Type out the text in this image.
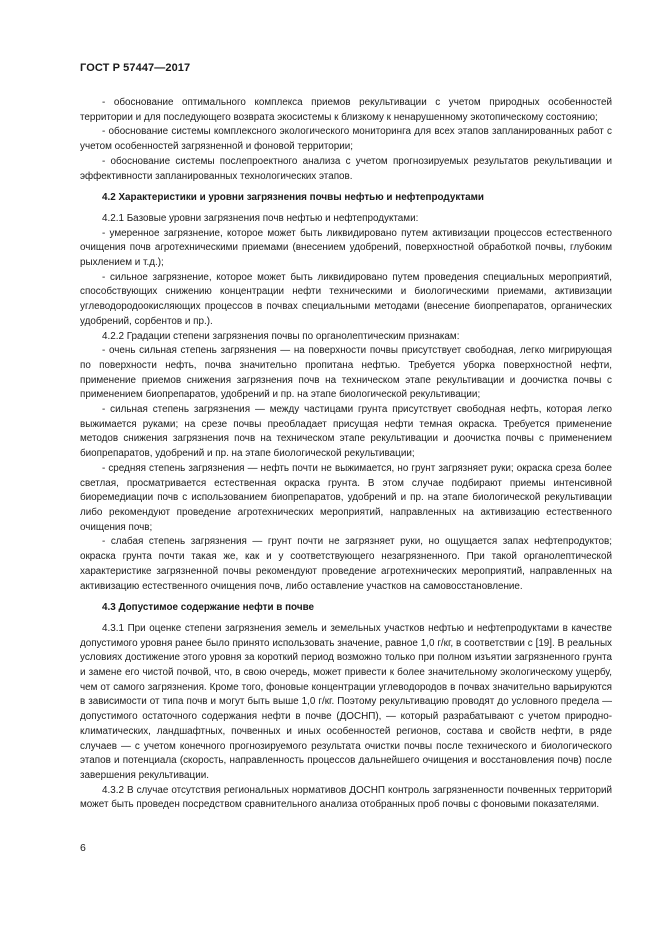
ГОСТ Р 57447—2017

- обоснование оптимального комплекса приемов рекультивации с учетом природных особенностей территории и для последующего возврата экосистемы к близкому к ненарушенному экотопическому состоянию;

- обоснование системы комплексного экологического мониторинга для всех этапов запланированных работ с учетом особенностей загрязненной и фоновой территории;

- обоснование системы послепроектного анализа с учетом прогнозируемых результатов рекультивации и эффективности запланированных технологических этапов.

4.2 Характеристики и уровни загрязнения почвы нефтью и нефтепродуктами

4.2.1 Базовые уровни загрязнения почв нефтью и нефтепродуктами:

- умеренное загрязнение, которое может быть ликвидировано путем активизации процессов естественного очищения почв агротехническими приемами (внесением удобрений, поверхностной обработкой почвы, глубоким рыхлением и т.д.);

- сильное загрязнение, которое может быть ликвидировано путем проведения специальных мероприятий, способствующих снижению концентрации нефти техническими и биологическими приемами, активизации углеводородоокисляющих процессов в почвах специальными методами (внесение биопрепаратов, органических удобрений, сорбентов и пр.).

4.2.2 Градации степени загрязнения почвы по органолептическим признакам:

- очень сильная степень загрязнения — на поверхности почвы присутствует свободная, легко мигрирующая по поверхности нефть, почва значительно пропитана нефтью. Требуется уборка поверхностной нефти, применение приемов снижения загрязнения почв на техническом этапе рекультивации и доочистка почвы с применением биопрепаратов, удобрений и пр. на этапе биологической рекультивации;

- сильная степень загрязнения — между частицами грунта присутствует свободная нефть, которая легко выжимается руками; на срезе почвы преобладает присущая нефти темная окраска. Требуется применение методов снижения загрязнения почв на техническом этапе рекультивации и доочистка почвы с применением биопрепаратов, удобрений и пр. на этапе биологической рекультивации;

- средняя степень загрязнения — нефть почти не выжимается, но грунт загрязняет руки; окраска среза более светлая, просматривается естественная окраска грунта. В этом случае подбирают приемы интенсивной биоремедиации почв с использованием биопрепаратов, удобрений и пр. на этапе биологической рекультивации либо рекомендуют проведение агротехнических мероприятий, направленных на активизацию естественного очищения почв;

- слабая степень загрязнения — грунт почти не загрязняет руки, но ощущается запах нефтепродуктов; окраска грунта почти такая же, как и у соответствующего незагрязненного. При такой органолептической характеристике загрязненной почвы рекомендуют проведение агротехнических мероприятий, направленных на активизацию естественного очищения почв, либо оставление участков на самовосстановление.

4.3 Допустимое содержание нефти в почве

4.3.1 При оценке степени загрязнения земель и земельных участков нефтью и нефтепродуктами в качестве допустимого уровня ранее было принято использовать значение, равное 1,0 г/кг, в соответствии с [19]. В реальных условиях достижение этого уровня за короткий период возможно только при полном изъятии загрязненного грунта и замене его чистой почвой, что, в свою очередь, может привести к более значительному экологическому ущербу, чем от самого загрязнения. Кроме того, фоновые концентрации углеводородов в почвах значительно варьируются в зависимости от типа почв и могут быть выше 1,0 г/кг. Поэтому рекультивацию проводят до условного предела — допустимого остаточного содержания нефти в почве (ДОСНП), — который разрабатывают с учетом природно-климатических, ландшафтных, почвенных и иных особенностей регионов, состава и свойств нефти, в ряде случаев — с учетом конечного прогнозируемого результата очистки почвы после технического и биологического этапов и потенциала (скорость, направленность процессов дальнейшего очищения и восстановления почв) после завершения рекультивации.

4.3.2 В случае отсутствия региональных нормативов ДОСНП контроль загрязненности почвенных территорий может быть проведен посредством сравнительного анализа отобранных проб почвы с фоновыми показателями.

6
